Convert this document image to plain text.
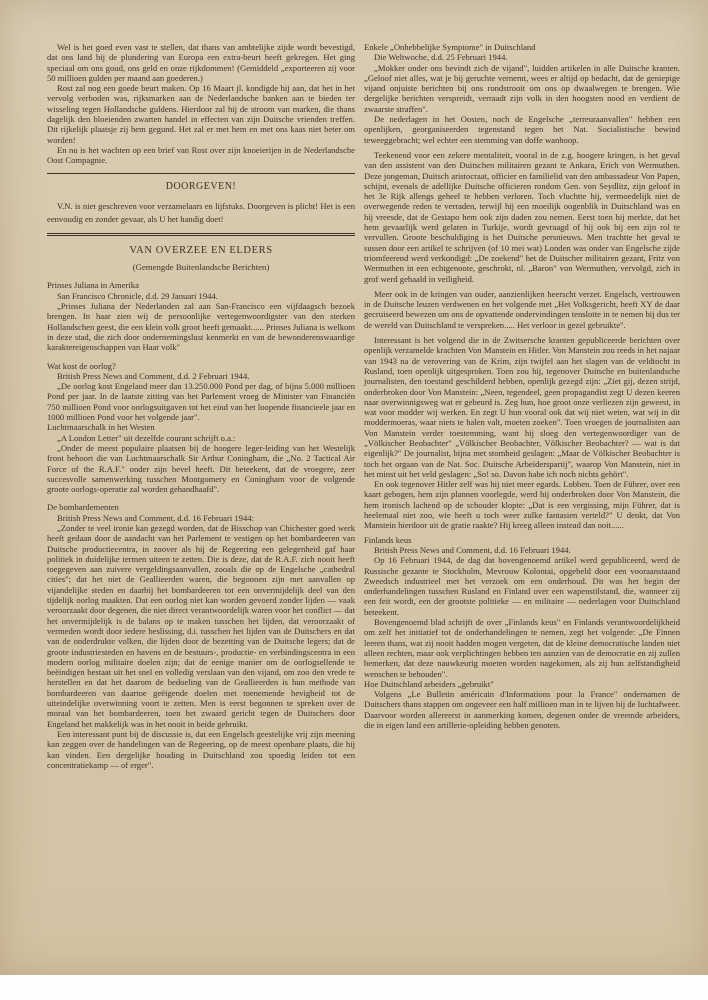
Wel is het goed even vast te stellen, dat thans van ambtelijke zijde wordt bevestigd, dat ons land bij de plundering van Europa een extra-beurt heeft gekregen. Het ging speciaal om ons goud, ons geld en onze rijkdommen! (Gemiddeld „exporteeren zij voor 50 millioen gulden per maand aan goederen.)

Rost zal nog een goede beurt maken. Op 16 Maart jl. kondigde hij aan, dat het in het vervolg verboden was, rijksmarken aan de Nederlandsche banken aan te bieden ter wisseling tegen Hollandsche guldens. Hierdoor zal hij de stroom van marken, die thans dagelijk den bloeienden zwarten handel in effecten van zijn Duitsche vrienden treffen. Dit rijkelijk plaatsje zij hem gegund. Het zal er met hem en met ons kaas niet beter om worden!

En nu is het wachten op een brief van Rost over zijn knoeierijen in de Nederlandsche Oost Compagnie.

DOORGEVEN!

V.N. is niet geschreven voor verzamelaars en lijfstuks. Doorgeven is plicht! Het is een eenvoudig en zonder gevaar, als U het handig doet!

VAN OVERZEE EN ELDERS
(Gemengde Buitenlandsche Berichten)

Prinses Juliana in Amerika

San Francisco Chronicle, d.d. 29 Januari 1944.

„Prinses Juliana der Nederlanden zal aan San-Francisco een vijfdaagsch bezoek brengen. In haar zien wij de persoonlijke vertegenwoordigster van den sterken Hollandschen geest, die een klein volk groot heeft gemaakt...... Prinses Juliana is welkom in deze stad, die zich door ondernemingslust kenmerkt en van de bewonderenswaardige karaktereigenschappen van Haar volk"

Wat kost de oorlog?

British Press News and Comment, d.d. 2 Februari 1944.

„De oorlog kost Engeland meer dan 13.250.000 Pond per dag, of bijna 5.000 millioen Pond per jaar. In de laatste zitting van het Parlement vroeg de Minister van Financiën 750 millioen Pond voor oorlogsuitgaven tot het eind van het loopende financieele jaar en 1000 millioen Pond voor het volgende jaar".

Luchtmaarschalk in het Westen

„A London Letter" uit dezelfde courant schrijft o.a.:

„Onder de meest populaire plaatsen bij de hoogere leger-leiding van het Westelijk front behoort die van Luchtmaarschalk Sir Arthur Coningham, die „No. 2 Tactical Air Force of the R.A.F." onder zijn bevel heeft. Dit beteekent, dat de vroegere, zeer succesvolle samenwerking tusschen Montgomery en Coningham voor de volgende groote oorlogs-operatie zal worden gehandhaafd".

De bombardementen

British Press News and Comment, d.d. 16 Februari 1944:

„Zonder te veel ironie kan gezegd worden, dat de Bisschop van Chichester goed werk heeft gedaan door de aandacht van het Parlement te vestigen op het bombardeeren van Duitsche productiecentra, in zoover als hij de Regeering een gelegenheid gaf haar politiek in duidelijke termen uiteen te zetten. Die is deze, dat de R.A.F. zich nooit heeft toegegeven aan zuivere vergeldingsaanvallen, zooals die op de Engelsche „cathedral cities"; dat het niet de Geallieerden waren, die begonnen zijn met aanvallen op vijandelijke steden en daarbij het bombardeeren tot een onvermijdelijk deel van den tijdelijk oorlog maakten. Dat een oorlog niet kan worden gevoerd zonder lijden — vaak veroorzaakt door degenen, die niet direct verantwoordelijk waren voor het conflict — dat het onvermijdelijk is de balans op te maken tusschen het lijden, dat veroorzaakt of vermeden wordt door iedere beslissing, d.i. tusschen het lijden van de Duitschers en dat van de onderdrukte volken, die lijden door de bezetting van de Duitsche legers; dat de groote industriesteden en havens en de bestuurs-, productie- en verbindingscentra in een modern oorlog militaire doelen zijn; dat de eenige manier om de oorlogsellende te beëindigen bestaat uit het snel en volledig verslaan van den vijand, om zoo den vrede te herstellen en dat het daarom de bedoeling van de Geallieerden is hun methode van bombardeeren van daartoe geëigende doelen met toenemende hevigheid tot de uiteindelijke overwinning voort te zetten. Men is eerst begonnen te spreken over de moraal van het bombardeeren, toen het zwaard gericht tegen de Duitschers door Engeland het makkelijk was in het nooit in beide gebruikt.

Een interessant punt bij de discussie is, dat een Engelsch geestelijke vrij zijn meening kan zeggen over de handelingen van de Regeering, op de meest openbare plaats, die hij kan vinden. Een dergelijke houding in Duitschland zou spoedig leiden tot een concentratiekamp — of erger".

Enkele „Onhebbelijke Symptome" in Duitschland

Die Weltwoche, d.d. 25 Februari 1944.

„Mokker onder ons bevindt zich de vijand", luidden artikelen in alle Duitsche kranten. „Geloof niet alles, wat je bij geruchte vernemt, wees er altijd op bedacht, dat de geniepige vijand onjuiste berichten bij ons rondstrooit om ons op dwaalwegen te brengen. Wie dergelijke berichten verspreidt, verraadt zijn volk in den hoogsten nood en verdient de zwaarste straffen".

De nederlagen in het Oosten, noch de Engelsche „terreuraanvallen" hebben een openlijken, georganiseerden tegenstand tegen het Nat. Socialistische bewind teweeggebracht; wel echter een stemming van doffe wanhoop.

Teekenend voor een zekere mentaliteit, vooral in de z.g. hoogere kringen, is het geval van den assistent van den Duitschen militairen gezant te Ankara, Erich von Wermuthen. Deze jongeman, Duitsch aristocraat, officier en familielid van den ambassadeur Von Papen, schijnt, evenals de adellijke Duitsche officieren rondom Gen. von Seydlitz, zijn geloof in het 3e Rijk allengs geheel te hebben verloren. Toch vluchtte hij, vermoedelijk niet de overwegende reden te verraden, terwijl hij een moeilijk oogenblik in Duitschland was en hij vreesde, dat de Gestapo hem ook zijn daden zou nemen. Eerst toen hij merkte, dat het hem gevaarlijk werd gelaten in Turkije, wordt gevraagd of hij ook bij een zijn rol te vervullen. Groote beschuldiging is het Duitsche persnieuws. Men trachtte het geval te sussen door een artikel te schrijven (of 10 mei wat) Londen was onder van Engelsche zijde triomfeerend werd verkondigd: „De zoekend" het de Duitscher militairen gezant, Fritz von Wermuthen in een echtgenoote, geschrokt, nl. „Baron" von Wermuthen, vervolgd, zich in grof werd gehaald in veiligheid.

Meer ook in de kringen van ouder, aanzienlijken heerscht verzet. Engelsch, vertrouwen in de Duitsche leuzen verdwenen en het volgende met „Het Volksgericht, heeft XY de daar gecruiseerd bewezen om ons de opvattende ondervindingen tenslotte in te nemen bij dus ter de wereld van Duitschland te verspreken..... Het verloor in gezel gebruikte".

Interessant is het volgend die in de Zwitsersche kranten gepubliceerde berichten over openlijk verzamelde krachten Von Manstein en Hitler. Von Manstein zou reeds in het najaar van 1943 na de verovering van de Krim, zijn twijfel aan het slagen van de veldtocht in Rusland, toen openlijk uitgesproken. Toen zou hij, tegenover Duitsche en buitenlandsche journalisten, den toestand geschilderd hebben, openlijk gezegd zijn: „Ziet gij, dezen strijd, onderbroken door Von Manstein: „Neen, tegendeel, geen propagandist zegt U dezen keeren naar overwinnigsweg wat er gebeurd is. Zeg hun, hoe groot onze verliezen zijn geweest, in wat voor modder wij werken. En zegt U hun vooral ook dat wij niet weten, wat wij in dit moddermoeras, waar niets te halen valt, moeten zoeken". Toen vroegen de journalisten aan Von Manstein verder toestemming, want hij sloeg den vertegenwoordiger van de „Völkischer Beobachter" „Völkischer Beobachter, Völkischer Beobachter? — wat is dat eigenlijk?" De journalist, bijna met stomheid geslagen: „Maar de Völkischer Beobachter is toch het orgaan van de Nat. Soc. Duitsche Arbeiderspartij", waarop Von Manstein, niet in het minst uit het veld geslagen: „So! so. Davon habe ich noch nichts gehört".

En ook tegenover Hitler zelf was hij niet meer egards. Lobben. Toen de Führer, over een kaart gebogen, hem zijn plannen voorlegde, werd hij onderbroken door Von Manstein, die hem ironisch lachend op de schouder klopte: „Dat is een vergissing, mijn Führer, dat is heelemaal niet zoo, wie heeft u toch weer zulke fantasien verteld?" U denkt, dat Von Manstein hierdoor uit de gratie raakte? Hij kreeg alleen instead dan ooit......

Finlands keus

British Press News and Comment, d.d. 16 Februari 1944.

Op 16 Februari 1944, de dag dat bovengenoemd artikel werd gepubliceerd, werd de Russische gezante te Stockholm, Mevrouw Kolontai, opgebeld door een vooraanstaand Zweedsch industrieel met het verzoek om een onderhoud. Dit was het begin der onderhandelingen tusschen Rusland en Finland over een wapenstilstand, die, wanneer zij een feit wordt, een der grootste politieke — en militaire — nederlagen voor Duitschland beteekent.

Bovengenoemd blad schrijft de over „Finlands keus" en Finlands verantwoordelijkheid om zelf het initiatief tot de onderhandelingen te nemen, zegt het volgende: „De Finnen leeren thans, wat zij nooit hadden mogen vergeten, dat de kleine democratische landen niet alleen rechten, maar ook verplichtingen hebben ten aanzien van de democratie en zij zullen bemerken, dat deze nauwkeurig moeten worden nagekomen, als zij hun zelfstandigheid wenschen te behouden".

Hoe Duitschland arbeiders „gebruikt"

Volgens „Le Bulletin américain d'Informations pour la France" ondernamen de Duitschers thans stappen om ongeveer een half millioen man in te lijven bij de luchtafweer. Daarvoor worden allereerst in aanmerking komen, degenen onder de vreemde arbeiders, die in eigen land een artillerie-opleiding hebben genoten.
